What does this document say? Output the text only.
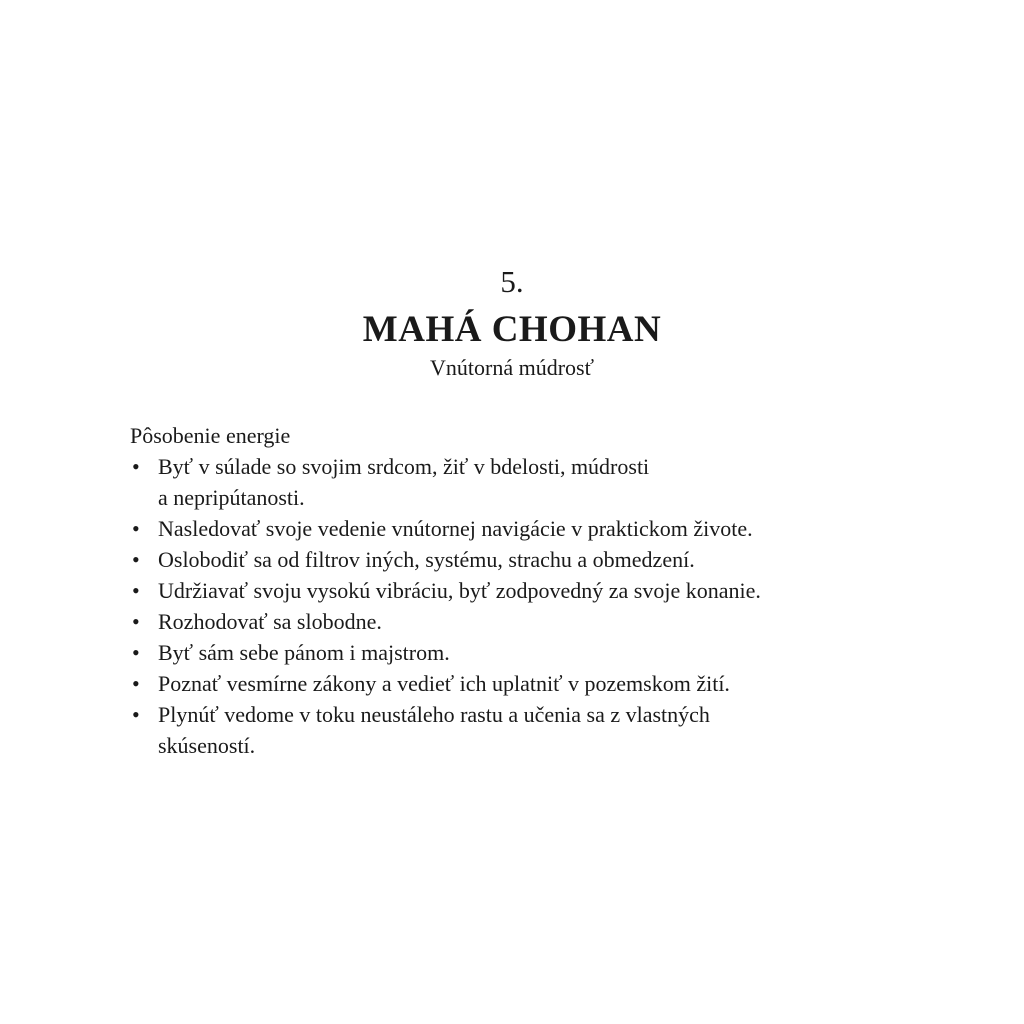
5.
MAHÁ CHOHAN
Vnútorná múdrosť
Pôsobenie energie
• Byť v súlade so svojim srdcom, žiť v bdelosti, múdrosti
a nepripútanosti.
• Nasledovať svoje vedenie vnútornej navigácie v praktickom živote.
• Oslobodiť sa od filtrov iných, systému, strachu a obmedzení.
• Udržiavať svoju vysokú vibráciu, byť zodpovedný za svoje konanie.
• Rozhodovať sa slobodne.
• Byť sám sebe pánom i majstrom.
• Poznať vesmírne zákony a vedieť ich uplatniť v pozemskom žití.
• Plynúť vedome v toku neustáleho rastu a učenia sa z vlastných
skúseností.
